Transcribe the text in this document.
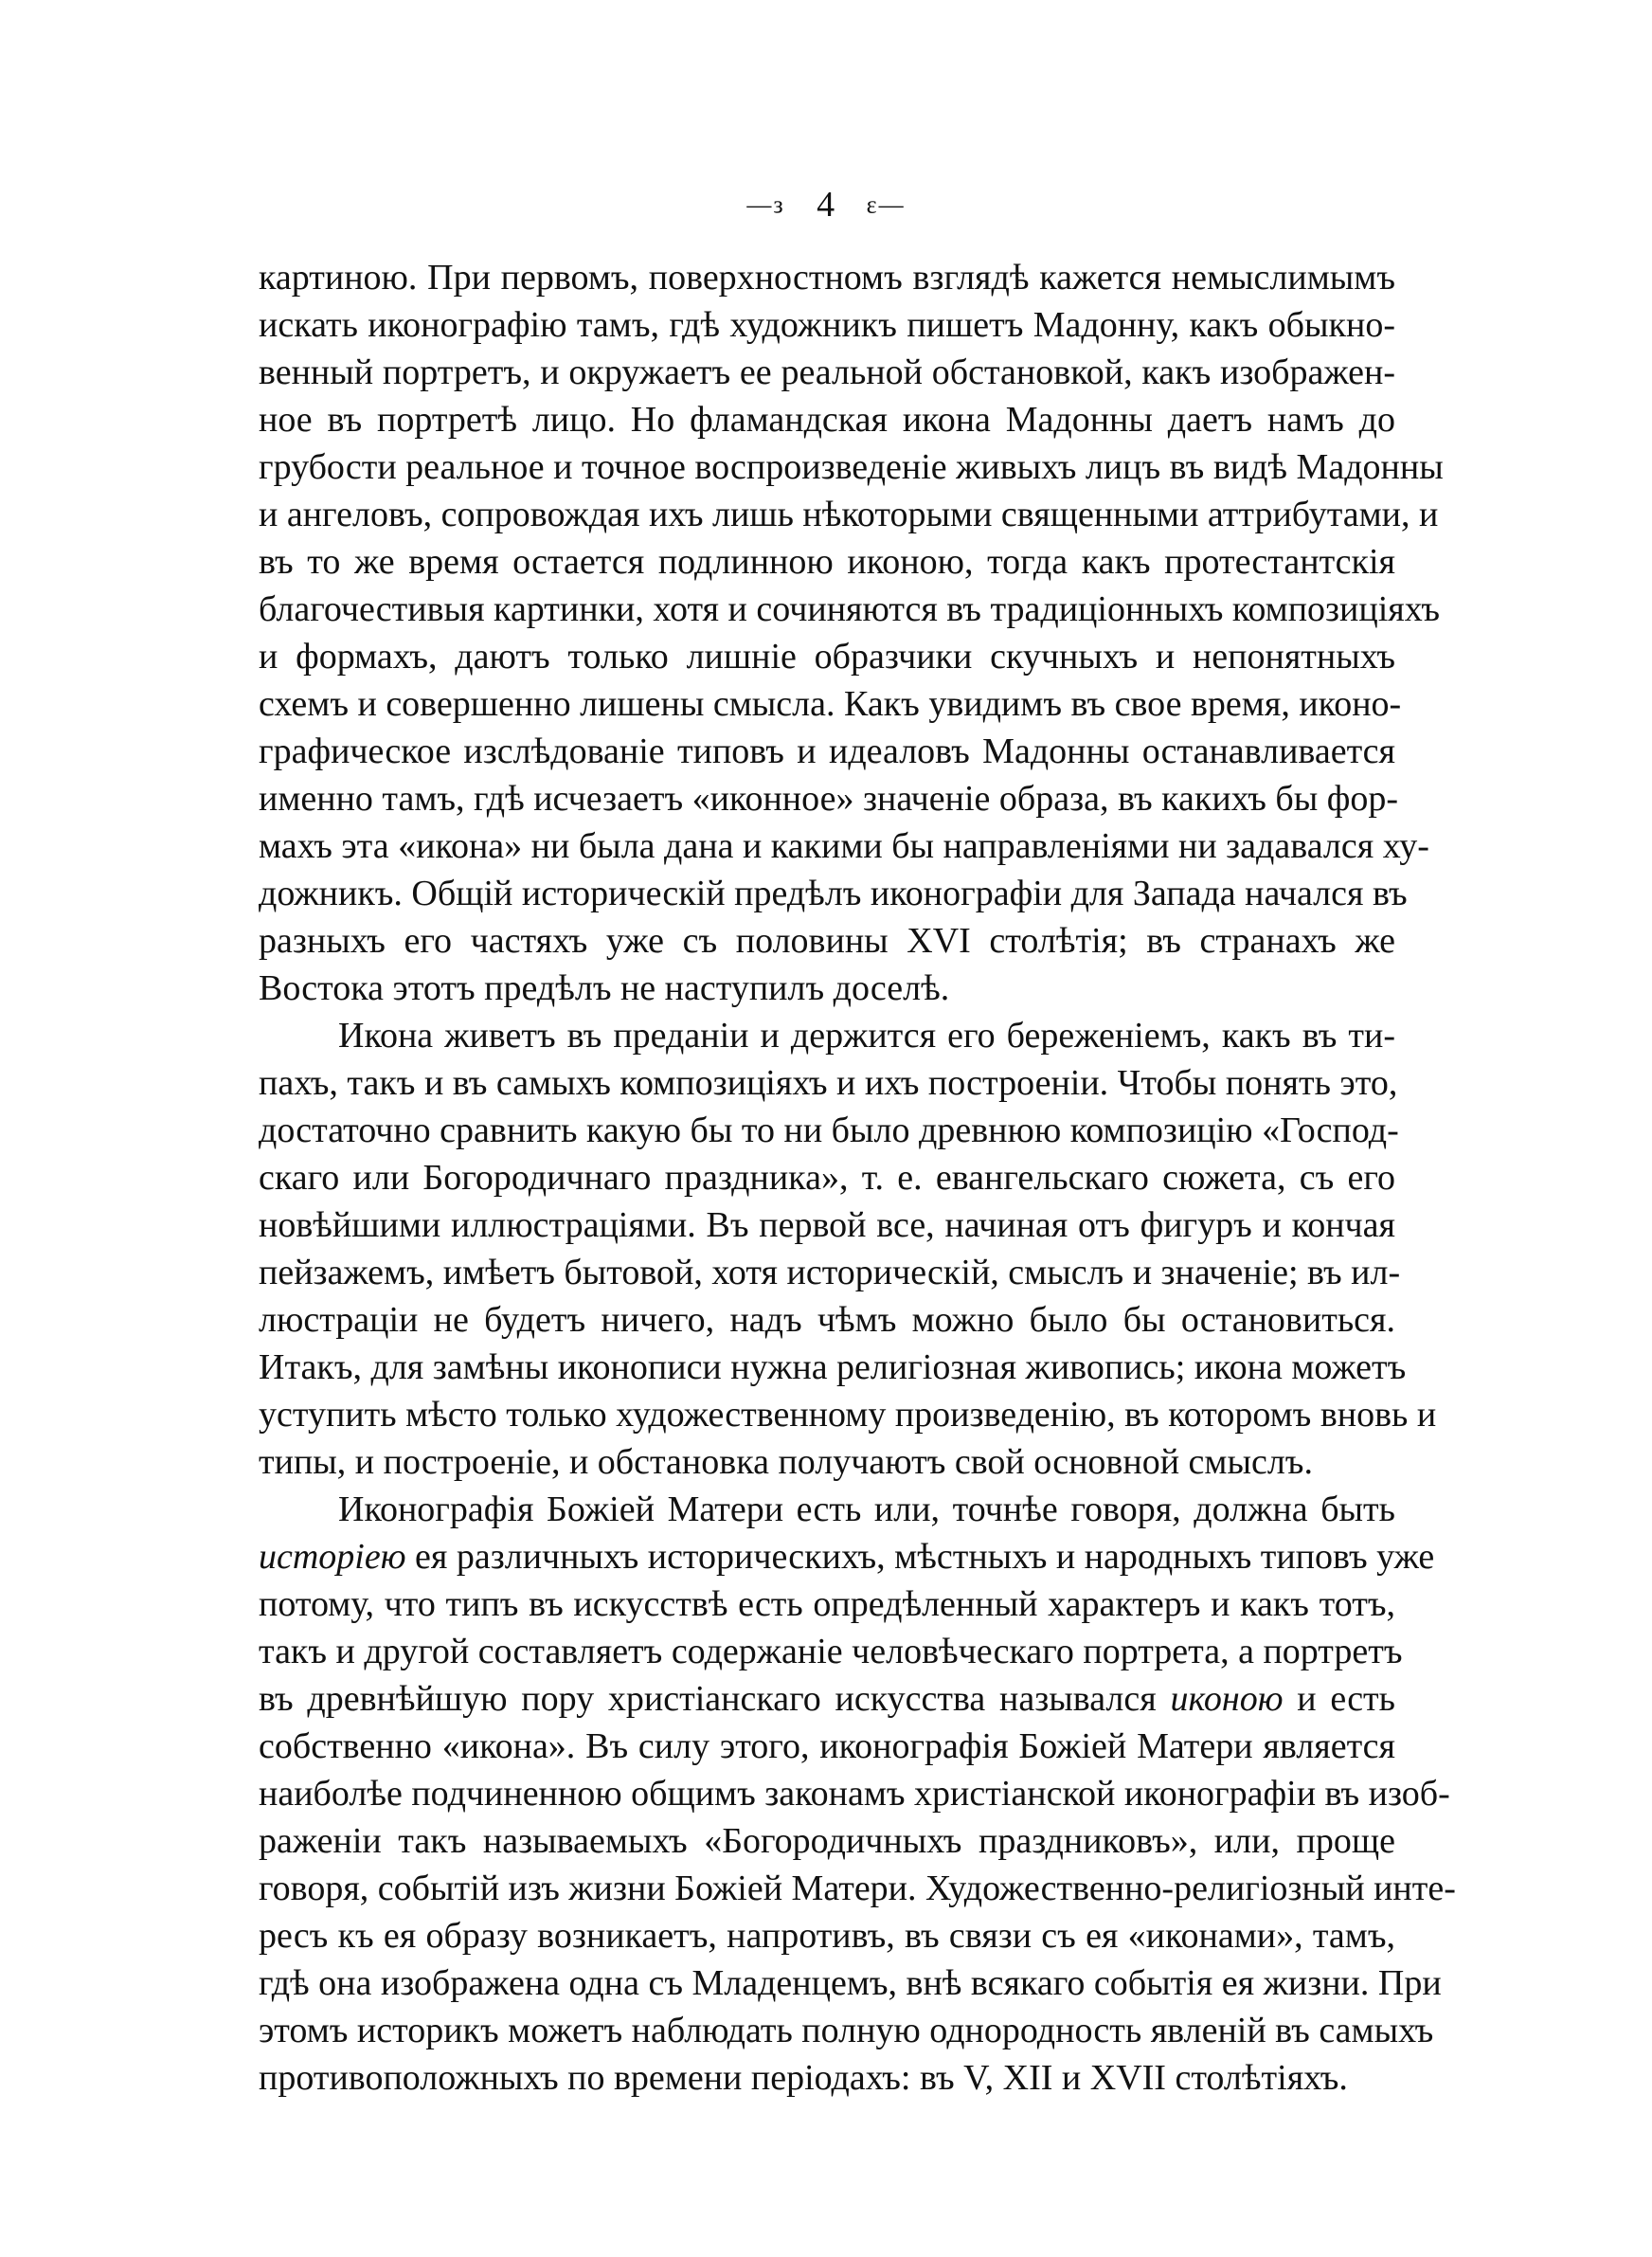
—з 4 ε—
картиною. При первомъ, поверхностномъ взглядѣ кажется немыслимымъ
искать иконографію тамъ, гдѣ художникъ пишетъ Мадонну, какъ обыкно-
венный портретъ, и окружаетъ ее реальной обстановкой, какъ изображен-
ное въ портретѣ лицо. Но фламандская икона Мадонны даетъ намъ до
грубости реальное и точное воспроизведеніе живыхъ лицъ въ видѣ Мадонны
и ангеловъ, сопровождая ихъ лишь нѣкоторыми священными аттрибутами, и
въ то же время остается подлинною иконою, тогда какъ протестантскія
благочестивыя картинки, хотя и сочиняются въ традиціонныхъ композиціяхъ
и формахъ, даютъ только лишніе образчики скучныхъ и непонятныхъ
схемъ и совершенно лишены смысла. Какъ увидимъ въ свое время, иконо-
графическое изслѣдованіе типовъ и идеаловъ Мадонны останавливается
именно тамъ, гдѣ исчезаетъ «иконное» значеніе образа, въ какихъ бы фор-
махъ эта «икона» ни была дана и какими бы направленіями ни задавался ху-
дожникъ. Общій историческій предѣлъ иконографіи для Запада начался въ
разныхъ его частяхъ уже съ половины XVI столѣтія; въ странахъ же
Востока этотъ предѣлъ не наступилъ доселѣ.
Икона живетъ въ преданіи и держится его береженіемъ, какъ въ ти-
пахъ, такъ и въ самыхъ композиціяхъ и ихъ построеніи. Чтобы понять это,
достаточно сравнить какую бы то ни было древнюю композицію «Господ-
скаго или Богородичнаго праздника», т. е. евангельскаго сюжета, съ его
новѣйшими иллюстраціями. Въ первой все, начиная отъ фигуръ и кончая
пейзажемъ, имѣетъ бытовой, хотя историческій, смыслъ и значеніе; въ ил-
люстраціи не будетъ ничего, надъ чѣмъ можно было бы остановиться.
Итакъ, для замѣны иконописи нужна религіозная живопись; икона можетъ
уступить мѣсто только художественному произведенію, въ которомъ вновь и
типы, и построеніе, и обстановка получаютъ свой основной смыслъ.
Иконографія Божіей Матери есть или, точнѣе говоря, должна быть
исторіею ея различныхъ историческихъ, мѣстныхъ и народныхъ типовъ уже
потому, что типъ въ искусствѣ есть опредѣленный характеръ и какъ тотъ,
такъ и другой составляетъ содержаніе человѣческаго портрета, а портретъ
въ древнѣйшую пору христіанскаго искусства назывался иконою и есть
собственно «икона». Въ силу этого, иконографія Божіей Матери является
наиболѣе подчиненною общимъ законамъ христіанской иконографіи въ изоб-
раженіи такъ называемыхъ «Богородичныхъ праздниковъ», или, проще
говоря, событій изъ жизни Божіей Матери. Художественно-религіозный инте-
ресъ къ ея образу возникаетъ, напротивъ, въ связи съ ея «иконами», тамъ,
гдѣ она изображена одна съ Младенцемъ, внѣ всякаго событія ея жизни. При
этомъ историкъ можетъ наблюдать полную однородность явленій въ самыхъ
противоположныхъ по времени періодахъ: въ V, XII и XVII столѣтіяхъ.
